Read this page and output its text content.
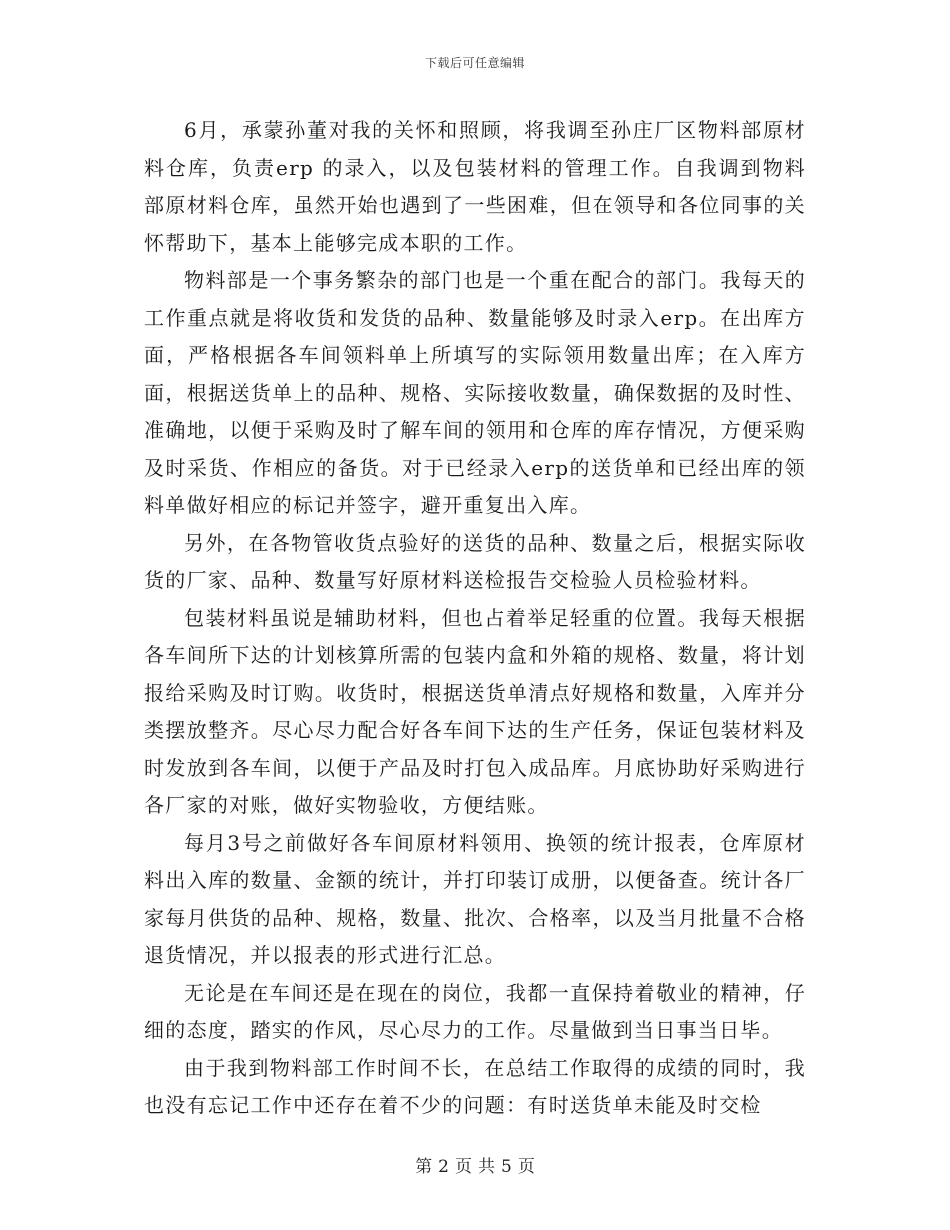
下载后可任意编辑

6月，承蒙孙董对我的关怀和照顾，将我调至孙庄厂区物料部原材料仓库，负责erp 的录入，以及包装材料的管理工作。自我调到物料部原材料仓库，虽然开始也遇到了一些困难，但在领导和各位同事的关怀帮助下，基本上能够完成本职的工作。

物料部是一个事务繁杂的部门也是一个重在配合的部门。我每天的工作重点就是将收货和发货的品种、数量能够及时录入erp。在出库方面，严格根据各车间领料单上所填写的实际领用数量出库；在入库方面，根据送货单上的品种、规格、实际接收数量，确保数据的及时性、准确地，以便于采购及时了解车间的领用和仓库的库存情况，方便采购及时采货、作相应的备货。对于已经录入erp的送货单和已经出库的领料单做好相应的标记并签字，避开重复出入库。

另外，在各物管收货点验好的送货的品种、数量之后，根据实际收货的厂家、品种、数量写好原材料送检报告交检验人员检验材料。

包装材料虽说是辅助材料，但也占着举足轻重的位置。我每天根据各车间所下达的计划核算所需的包装内盒和外箱的规格、数量，将计划报给采购及时订购。收货时，根据送货单清点好规格和数量，入库并分类摆放整齐。尽心尽力配合好各车间下达的生产任务，保证包装材料及时发放到各车间，以便于产品及时打包入成品库。月底协助好采购进行各厂家的对账，做好实物验收，方便结账。

每月3号之前做好各车间原材料领用、换领的统计报表，仓库原材料出入库的数量、金额的统计，并打印装订成册，以便备查。统计各厂家每月供货的品种、规格，数量、批次、合格率，以及当月批量不合格退货情况，并以报表的形式进行汇总。

无论是在车间还是在现在的岗位，我都一直保持着敬业的精神，仔细的态度，踏实的作风，尽心尽力的工作。尽量做到当日事当日毕。

由于我到物料部工作时间不长，在总结工作取得的成绩的同时，我也没有忘记工作中还存在着不少的问题：有时送货单未能及时交检

第 2 页 共 5 页
